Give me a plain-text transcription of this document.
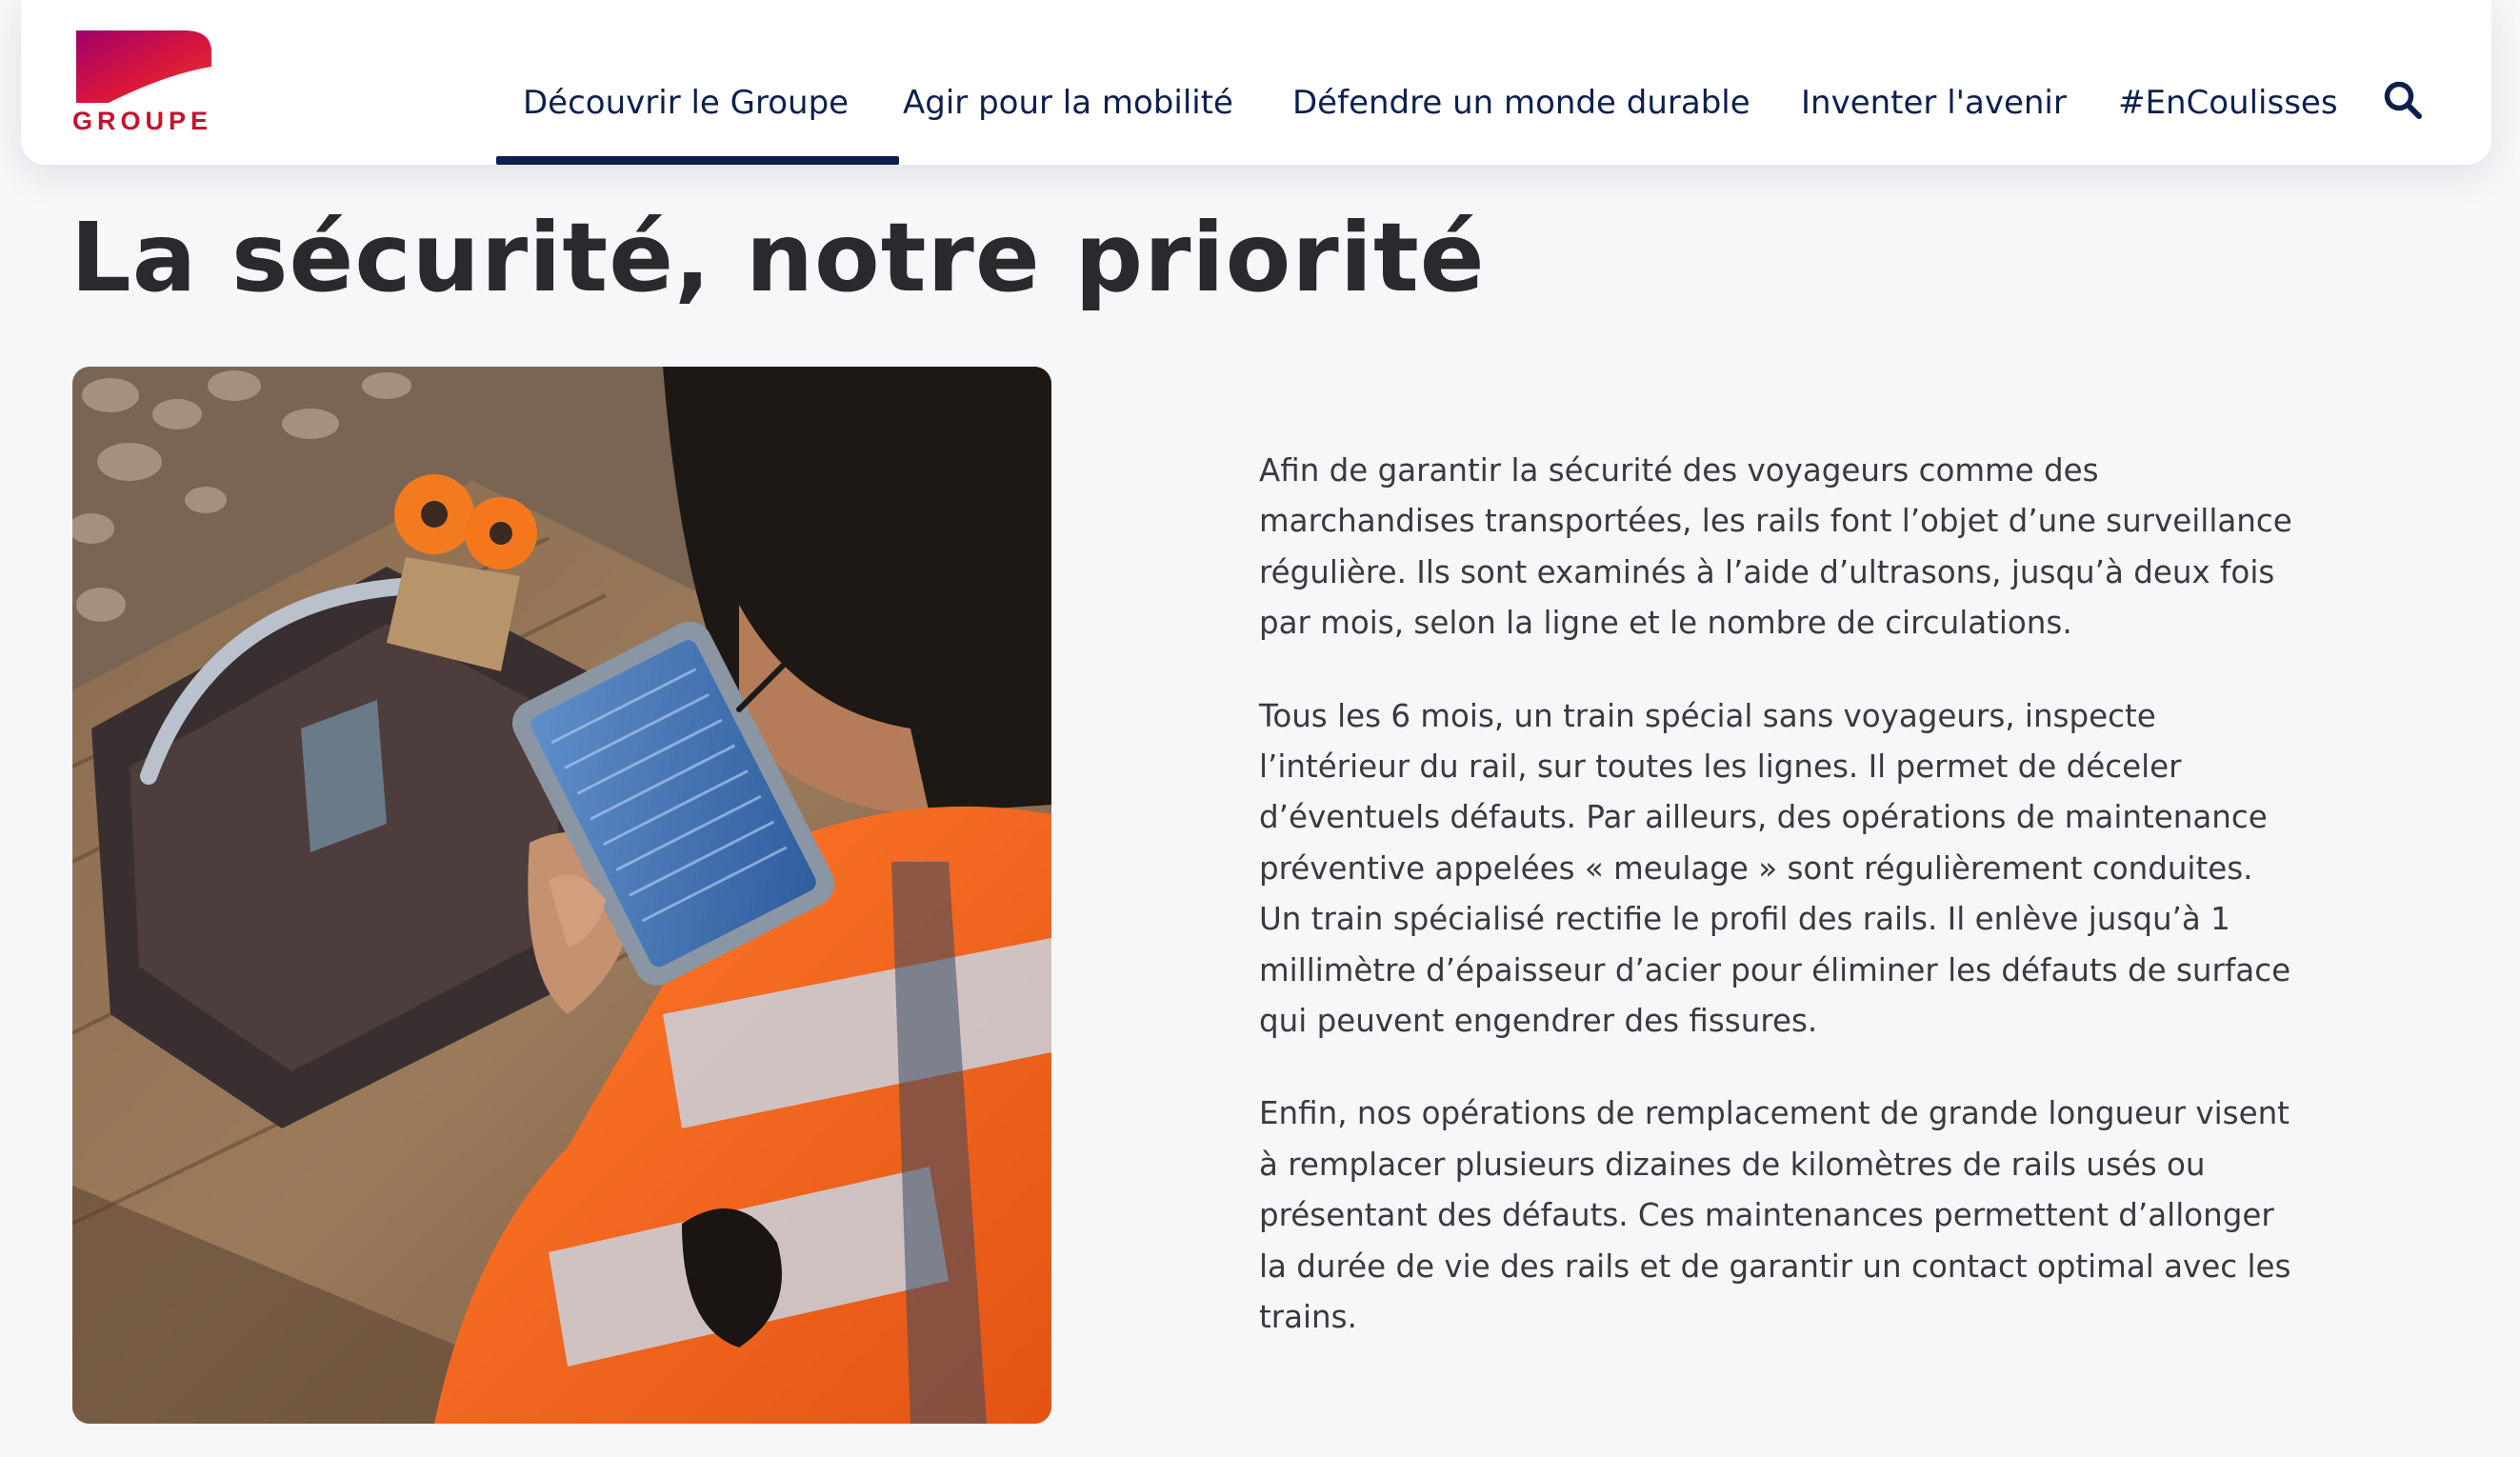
GROUPE	Découvrir le Groupe Agir pour la mobilité Défendre un monde durable Inventer l'avenir #EnCoulisses
La sécurité, notre priorité

Afin de garantir la sécurité des voyageurs comme des marchandises transportées, les rails font l’objet d’une surveillance régulière. Ils sont examinés à l’aide d’ultrasons, jusqu’à deux fois par mois, selon la ligne et le nombre de circulations.

Tous les 6 mois, un train spécial sans voyageurs, inspecte l’intérieur du rail, sur toutes les lignes. Il permet de déceler d’éventuels défauts. Par ailleurs, des opérations de maintenance préventive appelées « meulage » sont régulièrement conduites. Un train spécialisé rectifie le profil des rails. Il enlève jusqu’à 1 millimètre d’épaisseur d’acier pour éliminer les défauts de surface qui peuvent engendrer des fissures.

Enfin, nos opérations de remplacement de grande longueur visent à remplacer plusieurs dizaines de kilomètres de rails usés ou présentant des défauts. Ces maintenances permettent d’allonger la durée de vie des rails et de garantir un contact optimal avec les trains.
